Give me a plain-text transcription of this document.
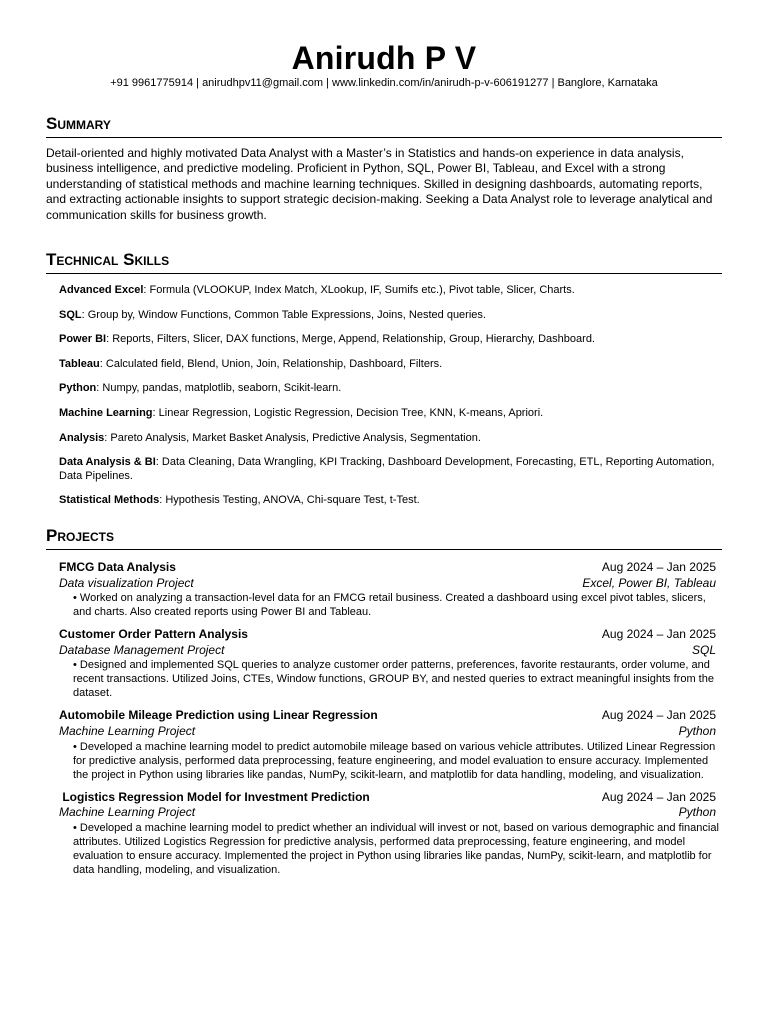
Anirudh P V
+91 9961775914 | anirudhpv11@gmail.com | www.linkedin.com/in/anirudh-p-v-606191277 | Banglore, Karnataka
Summary
Detail-oriented and highly motivated Data Analyst with a Master’s in Statistics and hands-on experience in data analysis, business intelligence, and predictive modeling. Proficient in Python, SQL, Power BI, Tableau, and Excel with a strong understanding of statistical methods and machine learning techniques. Skilled in designing dashboards, automating reports, and extracting actionable insights to support strategic decision-making. Seeking a Data Analyst role to leverage analytical and communication skills for business growth.
Technical Skills
Advanced Excel: Formula (VLOOKUP, Index Match, XLookup, IF, Sumifs etc.), Pivot table, Slicer, Charts.
SQL: Group by, Window Functions, Common Table Expressions, Joins, Nested queries.
Power BI: Reports, Filters, Slicer, DAX functions, Merge, Append, Relationship, Group, Hierarchy, Dashboard.
Tableau: Calculated field, Blend, Union, Join, Relationship, Dashboard, Filters.
Python: Numpy, pandas, matplotlib, seaborn, Scikit-learn.
Machine Learning: Linear Regression, Logistic Regression, Decision Tree, KNN, K-means, Apriori.
Analysis: Pareto Analysis, Market Basket Analysis, Predictive Analysis, Segmentation.
Data Analysis & BI: Data Cleaning, Data Wrangling, KPI Tracking, Dashboard Development, Forecasting, ETL, Reporting Automation, Data Pipelines.
Statistical Methods: Hypothesis Testing, ANOVA, Chi-square Test, t-Test.
Projects
FMCG Data Analysis	Aug 2024 – Jan 2025
Data visualization Project	Excel, Power BI, Tableau
• Worked on analyzing a transaction-level data for an FMCG retail business. Created a dashboard using excel pivot tables, slicers, and charts. Also created reports using Power BI and Tableau.
Customer Order Pattern Analysis	Aug 2024 – Jan 2025
Database Management Project	SQL
• Designed and implemented SQL queries to analyze customer order patterns, preferences, favorite restaurants, order volume, and recent transactions. Utilized Joins, CTEs, Window functions, GROUP BY, and nested queries to extract meaningful insights from the dataset.
Automobile Mileage Prediction using Linear Regression	Aug 2024 – Jan 2025
Machine Learning Project	Python
• Developed a machine learning model to predict automobile mileage based on various vehicle attributes. Utilized Linear Regression for predictive analysis, performed data preprocessing, feature engineering, and model evaluation to ensure accuracy. Implemented the project in Python using libraries like pandas, NumPy, scikit-learn, and matplotlib for data handling, modeling, and visualization.
Logistics Regression Model for Investment Prediction	Aug 2024 – Jan 2025
Machine Learning Project	Python
• Developed a machine learning model to predict whether an individual will invest or not, based on various demographic and financial attributes. Utilized Logistics Regression for predictive analysis, performed data preprocessing, feature engineering, and model evaluation to ensure accuracy. Implemented the project in Python using libraries like pandas, NumPy, scikit-learn, and matplotlib for data handling, modeling, and visualization.
